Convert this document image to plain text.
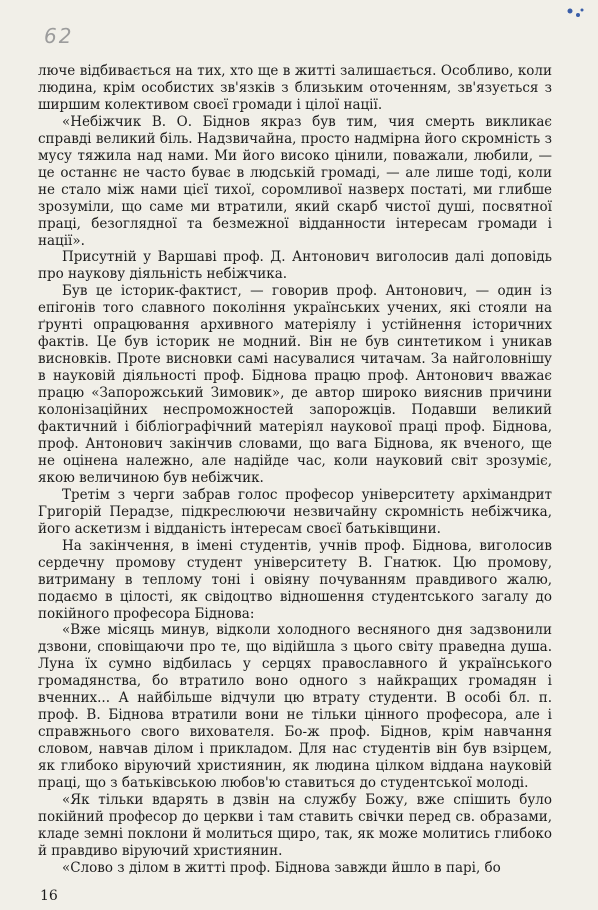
62

люче відбивається на тих, хто ще в житті залишається. Особливо, коли людина, крім особистих зв'язків з близьким оточенням, зв'язується з ширшим колективом своєї громади і цілої нації.

«Небіжчик В. О. Біднов якраз був тим, чия смерть викликає справді великий біль. Надзвичайна, просто надмірна його скромність з мусу тяжила над нами. Ми його високо цінили, поважали, любили, — це останнє не часто буває в людській громаді, — але лише тоді, коли не стало між нами цієї тихої, соромливої назверх постаті, ми глибше зрозуміли, що саме ми втратили, який скарб чистої душі, посвятної праці, безоглядної та безмежної відданности інтересам громади і нації».

Присутній у Варшаві проф. Д. Антонович виголосив далі доповідь про наукову діяльність небіжчика.

Був це історик-фактист, — говорив проф. Антонович, — один із епігонів того славного покоління українських учених, які стояли на ґрунті опрацювання архивного матеріялу і устійнення історичних фактів. Це був історик не модний. Він не був синтетиком і уникав висновків. Проте висновки самі насувалися читачам. За найголовнішу в науковій діяльності проф. Біднова працю проф. Антонович вважає працю «Запорожський Зимовик», де автор широко вияснив причини колонізаційних неспроможностей запорожців. Подавши великий фактичний і бібліографічний матеріял наукової праці проф. Біднова, проф. Антонович закінчив словами, що вага Біднова, як вченого, ще не оцінена належно, але надійде час, коли науковий світ зрозуміє, якою величиною був небіжчик.

Третім з черги забрав голос професор університету архімандрит Григорій Перадзе, підкреслюючи незвичайну скромність небіжчика, його аскетизм і відданість інтересам своєї батьківщини.

На закінчення, в імені студентів, учнів проф. Біднова, виголосив сердечну промову студент університету В. Гнатюк. Цю промову, витриману в теплому тоні і овіяну почуванням правдивого жалю, подаємо в цілості, як свідоцтво відношення студентського загалу до покійного професора Біднова:

«Вже місяць минув, відколи холодного весняного дня задзвонили дзвони, сповіщаючи про те, що відійшла з цього світу праведна душа. Луна їх сумно відбилась у серцях православного й українського громадянства, бо втратило воно одного з найкращих громадян і вченних... А найбільше відчули цю втрату студенти. В особі бл. п. проф. В. Біднова втратили вони не тільки цінного професора, але і справжнього свого вихователя. Бо-ж проф. Біднов, крім навчання словом, навчав ділом і прикладом. Для нас студентів він був взірцем, як глибоко віруючий християнин, як людина цілком віддана науковій праці, що з батьківською любов'ю ставиться до студентської молоді.

«Як тільки вдарять в дзвін на службу Божу, вже спішить було покійний професор до церкви і там ставить свічки перед св. образами, кладе земні поклони й молиться щиро, так, як може молитись глибоко й правдиво віруючий християнин.

«Слово з ділом в житті проф. Біднова завжди йшло в парі, бо

16
